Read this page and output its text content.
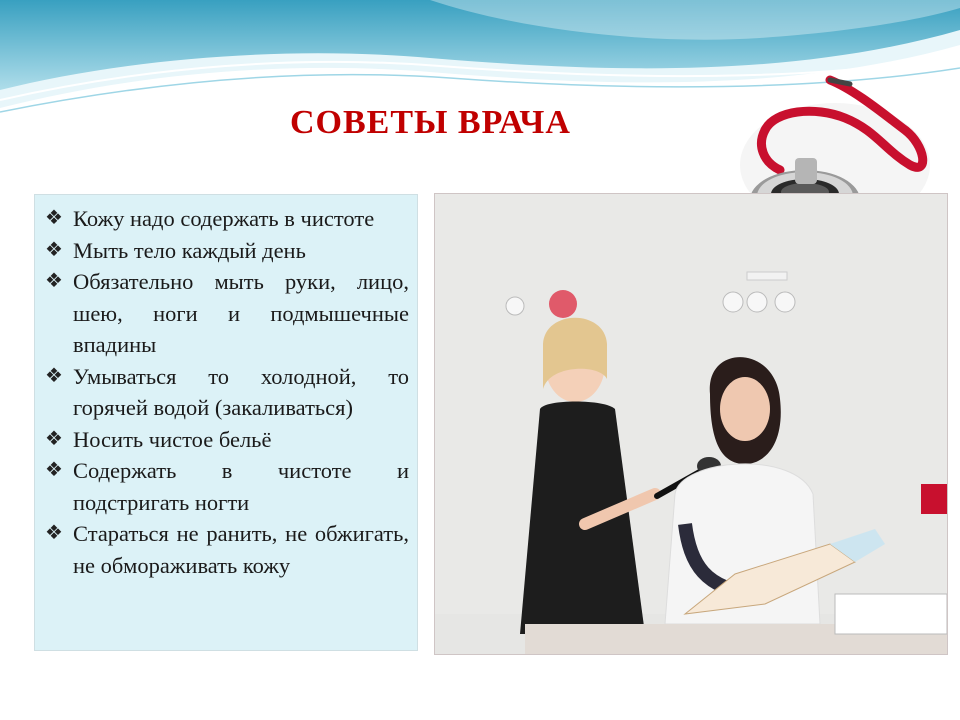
СОВЕТЫ ВРАЧА
❖ Кожу надо содержать в чистоте
❖ Мыть тело каждый день
❖ Обязательно мыть руки, лицо, шею, ноги и подмышечные впадины
❖ Умываться то холодной, то горячей водой (закаливаться)
❖ Носить чистое бельё
❖ Содержать в чистоте и подстригать ногти
❖ Стараться не ранить, не обжигать, не обмораживать кожу
